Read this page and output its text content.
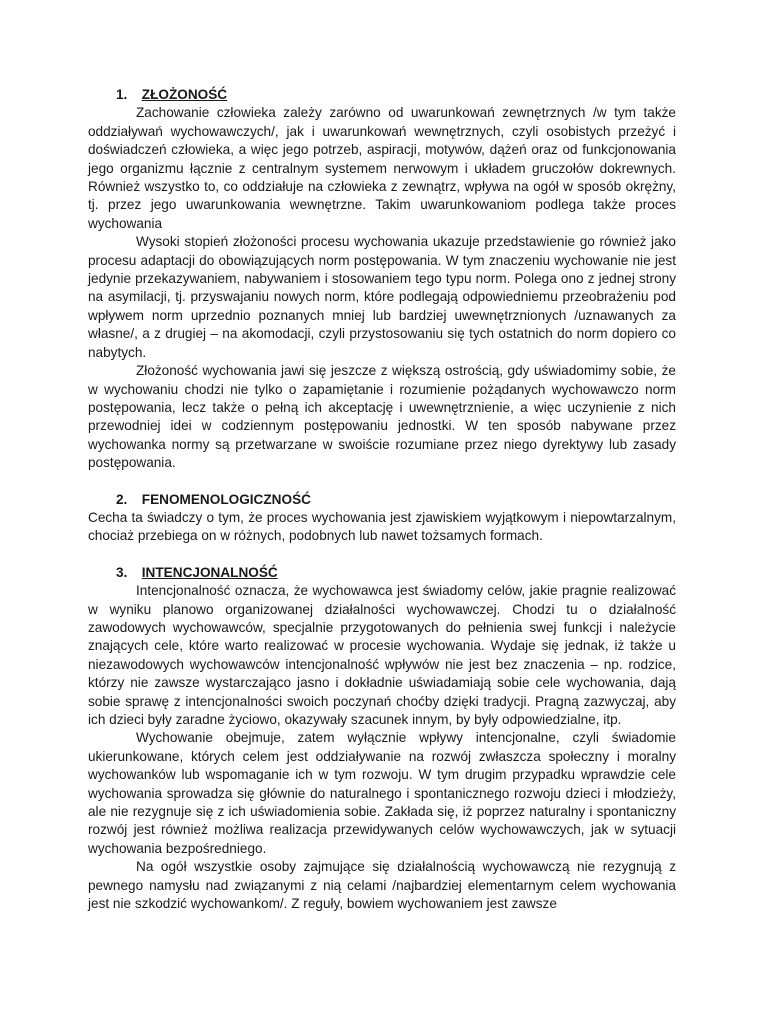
1. ZŁOŻONOŚĆ

Zachowanie człowieka zależy zarówno od uwarunkowań zewnętrznych /w tym także oddziaływań wychowawczych/, jak i uwarunkowań wewnętrznych, czyli osobistych przeżyć i doświadczeń człowieka, a więc jego potrzeb, aspiracji, motywów, dążeń oraz od funkcjonowania jego organizmu łącznie z centralnym systemem nerwowym i układem gruczołów dokrewnych. Również wszystko to, co oddziałuje na człowieka z zewnątrz, wpływa na ogół w sposób okrężny, tj. przez jego uwarunkowania wewnętrzne. Takim uwarunkowaniom podlega także proces wychowania

Wysoki stopień złożoności procesu wychowania ukazuje przedstawienie go również jako procesu adaptacji do obowiązujących norm postępowania. W tym znaczeniu wychowanie nie jest jedynie przekazywaniem, nabywaniem i stosowaniem tego typu norm. Polega ono z jednej strony na asymilacji, tj. przyswajaniu nowych norm, które podlegają odpowiedniemu przeobrażeniu pod wpływem norm uprzednio poznanych mniej lub bardziej uwewnętrznionych /uznawanych za własne/, a z drugiej – na akomodacji, czyli przystosowaniu się tych ostatnich do norm dopiero co nabytych.

Złożoność wychowania jawi się jeszcze z większą ostrością, gdy uświadomimy sobie, że w wychowaniu chodzi nie tylko o zapamiętanie i rozumienie pożądanych wychowawczo norm postępowania, lecz także o pełną ich akceptację i uwewnętrznienie, a więc uczynienie z nich przewodniej idei w codziennym postępowaniu jednostki. W ten sposób nabywane przez wychowanka normy są przetwarzane w swoiście rozumiane przez niego dyrektywy lub zasady postępowania.

2. FENOMENOLOGICZNOŚĆ

Cecha ta świadczy o tym, że proces wychowania jest zjawiskiem wyjątkowym i niepowtarzalnym, chociaż przebiega on w różnych, podobnych lub nawet tożsamych formach.

3. INTENCJONALNOŚĆ

Intencjonalność oznacza, że wychowawca jest świadomy celów, jakie pragnie realizować w wyniku planowo organizowanej działalności wychowawczej. Chodzi tu o działalność zawodowych wychowawców, specjalnie przygotowanych do pełnienia swej funkcji i należycie znających cele, które warto realizować w procesie wychowania. Wydaje się jednak, iż także u niezawodowych wychowawców intencjonalność wpływów nie jest bez znaczenia – np. rodzice, którzy nie zawsze wystarczająco jasno i dokładnie uświadamiają sobie cele wychowania, dają sobie sprawę z intencjonalności swoich poczynań choćby dzięki tradycji. Pragną zazwyczaj, aby ich dzieci były zaradne życiowo, okazywały szacunek innym, by były odpowiedzialne, itp.

Wychowanie obejmuje, zatem wyłącznie wpływy intencjonalne, czyli świadomie ukierunkowane, których celem jest oddziaływanie na rozwój zwłaszcza społeczny i moralny wychowanków lub wspomaganie ich w tym rozwoju. W tym drugim przypadku wprawdzie cele wychowania sprowadza się głównie do naturalnego i spontanicznego rozwoju dzieci i młodzieży, ale nie rezygnuje się z ich uświadomienia sobie. Zakłada się, iż poprzez naturalny i spontaniczny rozwój jest również możliwa realizacja przewidywanych celów wychowawczych, jak w sytuacji wychowania bezpośredniego.

Na ogół wszystkie osoby zajmujące się działalnością wychowawczą nie rezygnują z pewnego namysłu nad związanymi z nią celami /najbardziej elementarnym celem wychowania jest nie szkodzić wychowankom/. Z reguły, bowiem wychowaniem jest zawsze
